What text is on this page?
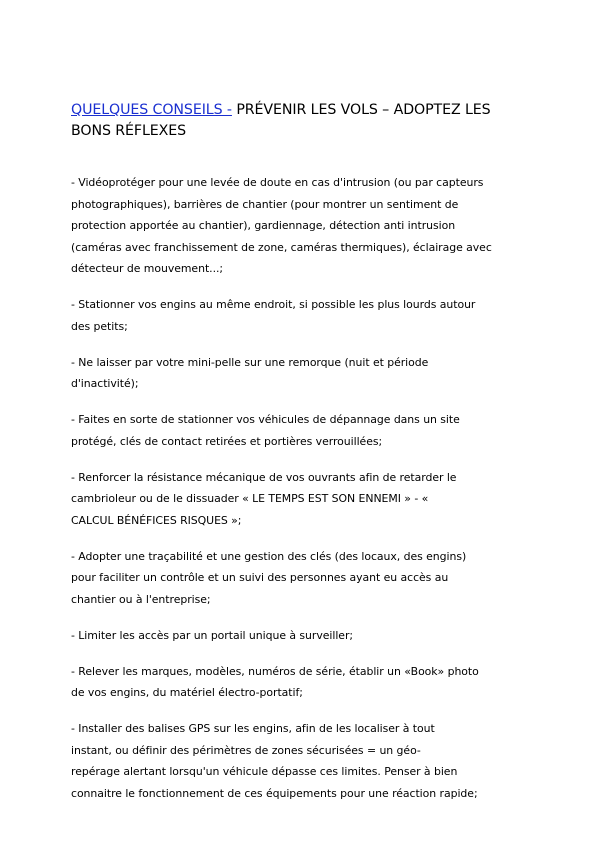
QUELQUES CONSEILS - PRÉVENIR LES VOLS – ADOPTEZ LES
BONS RÉFLEXES
- Vidéoprotéger pour une levée de doute en cas d'intrusion (ou par capteurs
photographiques), barrières de chantier (pour montrer un sentiment de
protection apportée au chantier), gardiennage, détection anti intrusion
(caméras avec franchissement de zone, caméras thermiques), éclairage avec
détecteur de mouvement...;
- Stationner vos engins au même endroit, si possible les plus lourds autour
des petits;
- Ne laisser par votre mini-pelle sur une remorque (nuit et période
d'inactivité);
- Faites en sorte de stationner vos véhicules de dépannage dans un site
protégé, clés de contact retirées et portières verrouillées;
- Renforcer la résistance mécanique de vos ouvrants afin de retarder le
cambrioleur ou de le dissuader « LE TEMPS EST SON ENNEMI » - «
CALCUL BÉNÉFICES RISQUES »;
- Adopter une traçabilité et une gestion des clés (des locaux, des engins)
pour faciliter un contrôle et un suivi des personnes ayant eu accès au
chantier ou à l'entreprise;
- Limiter les accès par un portail unique à surveiller;
- Relever les marques, modèles, numéros de série, établir un «Book» photo
de vos engins, du matériel électro-portatif;
- Installer des balises GPS sur les engins, afin de les localiser à tout
instant, ou définir des périmètres de zones sécurisées = un géo-
repérage alertant lorsqu'un véhicule dépasse ces limites. Penser à bien
connaitre le fonctionnement de ces équipements pour une réaction rapide;
